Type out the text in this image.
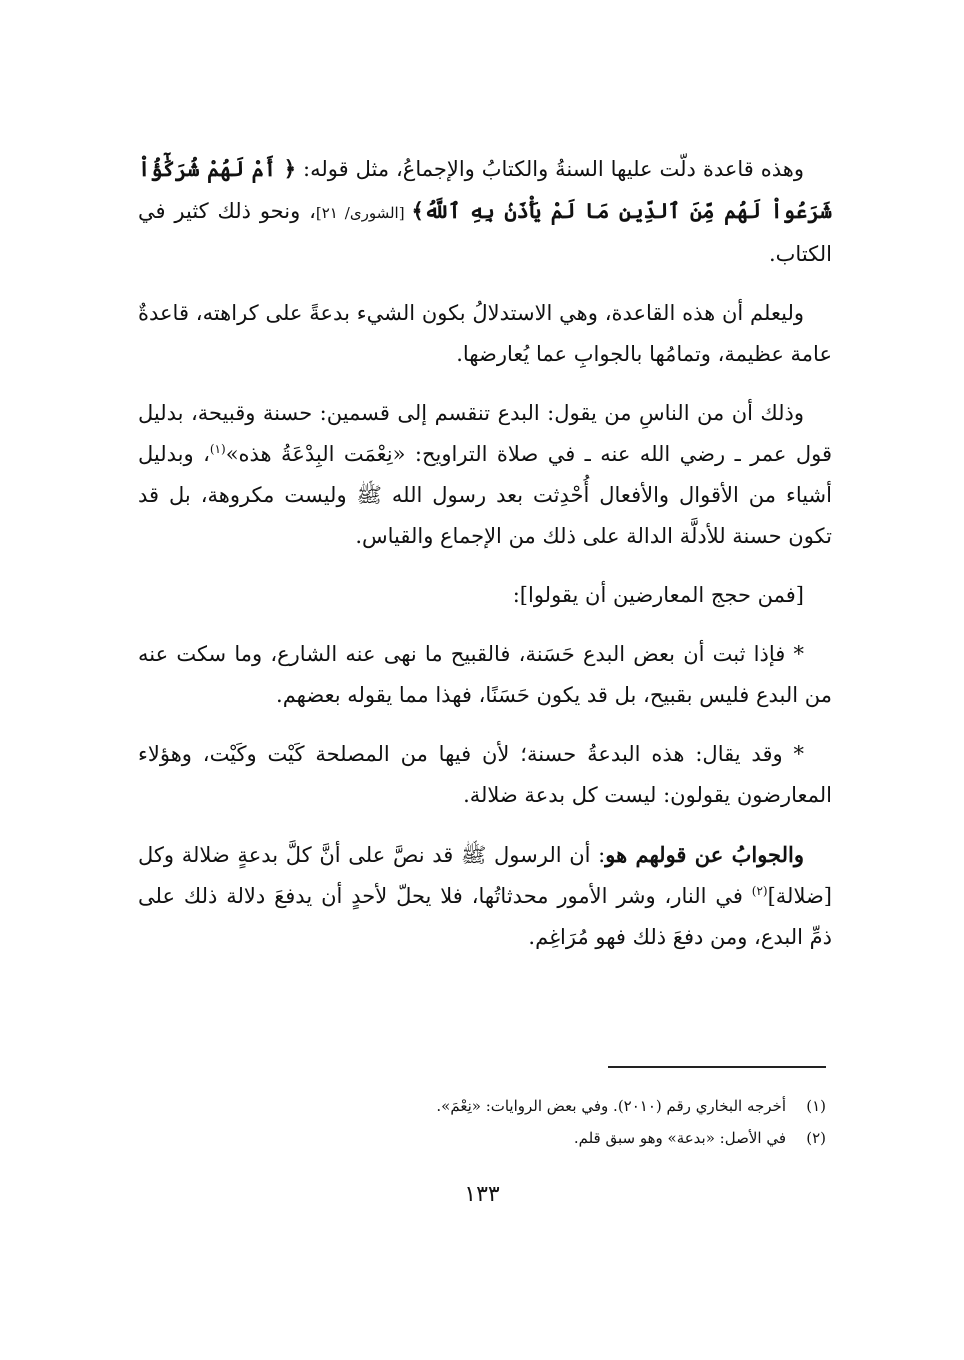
وهذه قاعدة دلّت عليها السنةُ والكتابُ والإجماعُ، مثل قوله: ﴿ أَمْ لَهُمْ شُرَكَٰٓؤُاْ شَرَعُواْ لَهُم مِّنَ ٱلدِّينِ مَا لَمْ يَأْذَنۢ بِهِ ٱللَّهُ﴾ [الشورى/ ٢١]، ونحو ذلك كثير في الكتاب.

وليعلم أن هذه القاعدة، وهي الاستدلالُ بكون الشيء بدعةً على كراهته، قاعدةٌ عامة عظيمة، وتمامُها بالجوابِ عما يُعارضها.

وذلك أن من الناسِ من يقول: البدع تنقسم إلى قسمين: حسنة وقبيحة، بدليل قول عمر ـ رضي الله عنه ـ في صلاة التراويح: «نِعْمَت البِدْعَةُ هذه»$^{(١)}$، وبدليل أشياء من الأقوال والأفعال أُحْدِثت بعد رسول الله ﷺ وليست مكروهة، بل قد تكون حسنة للأدلَّة الدالة على ذلك من الإجماع والقياس.

[فمن حجج المعارضين أن يقولوا]:

* فإذا ثبت أن بعض البدع حَسَنة، فالقبيح ما نهى عنه الشارع، وما سكت عنه من البدع فليس بقبيح، بل قد يكون حَسَنًا، فهذا مما يقوله بعضهم.

* وقد يقال: هذه البدعةُ حسنة؛ لأن فيها من المصلحة كَيْت وكَيْت، وهؤلاء المعارضون يقولون: ليست كل بدعة ضلالة.

والجوابُ عن قولهم هو: أن الرسول ﷺ قد نصَّ على أنَّ كلَّ بدعةٍ ضلالة وكل [ضلالة]$^{(٢)}$ في النار، وشر الأمور محدثاتُها، فلا يحلّ لأحدٍ أن يدفعَ دلالة ذلك على ذمِّ البدع، ومن دفعَ ذلك فهو مُرَاغِم.

(١)أخرجه البخاري رقم (٢٠١٠). وفي بعض الروايات: «نِعْمَ».

(٢)في الأصل: «بدعة» وهو سبق قلم.

١٣٣
